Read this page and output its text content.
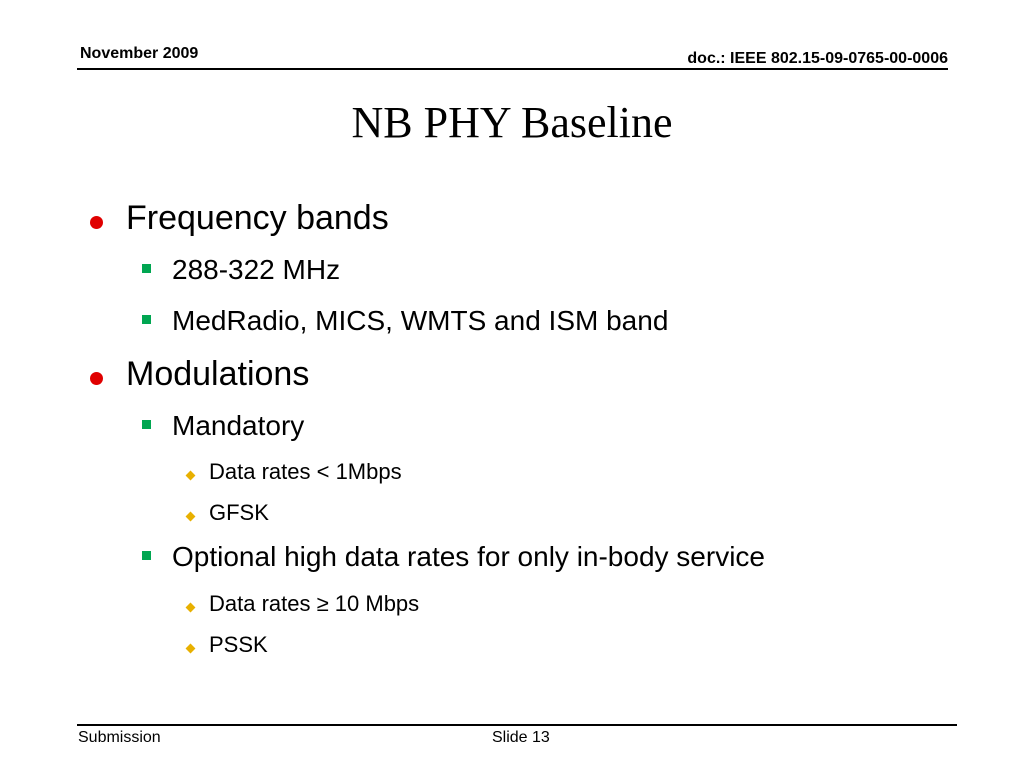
November 2009	doc.: IEEE 802.15-09-0765-00-0006
NB PHY Baseline
Frequency bands
288-322 MHz
MedRadio, MICS, WMTS and ISM band
Modulations
Mandatory
Data rates < 1Mbps
GFSK
Optional high data rates for only in-body service
Data rates ≥ 10 Mbps
PSSK
Submission	Slide 13
